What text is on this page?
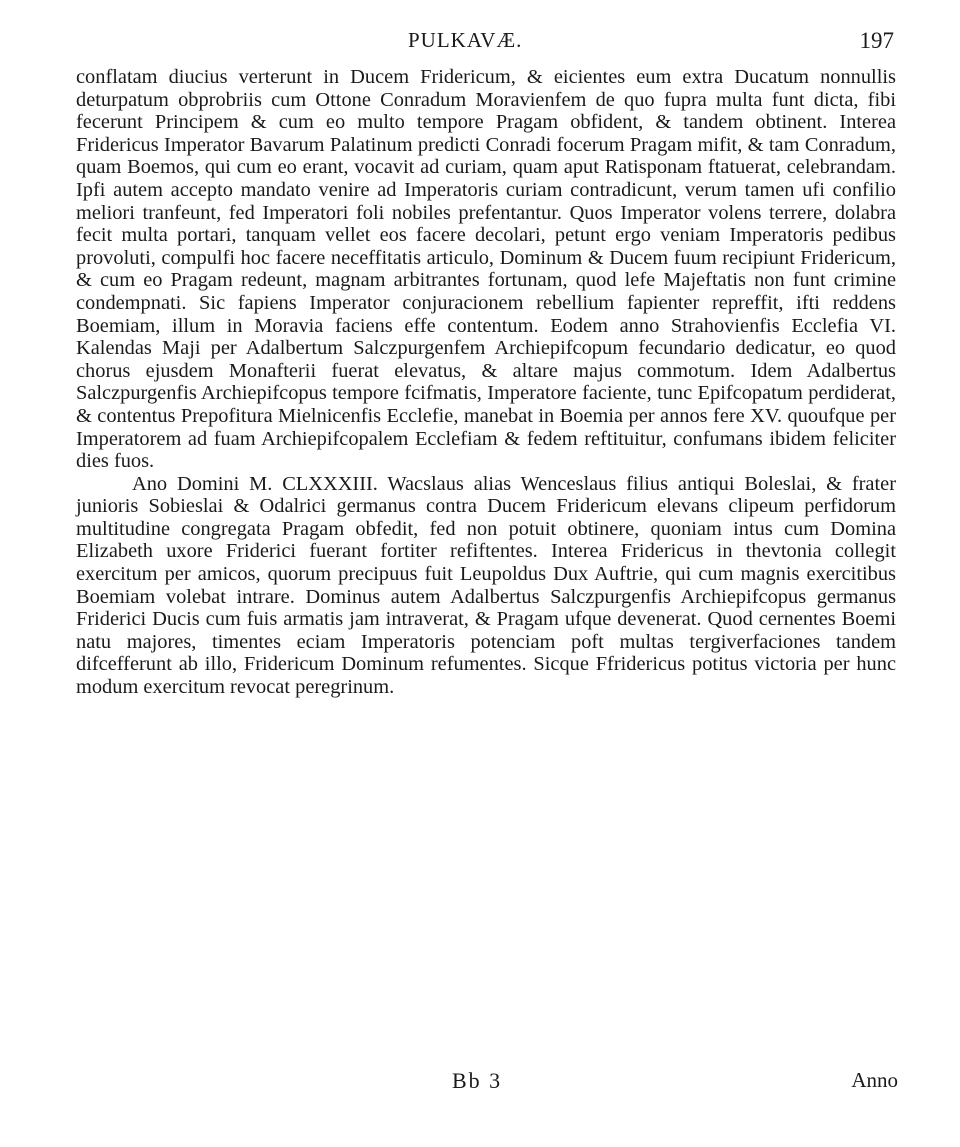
PULKAVÆ.	197

conflatam diucius verterunt in Ducem Fridericum, & eicientes eum extra Ducatum nonnullis deturpatum obprobriis cum Ottone Conradum Moravienfem de quo fupra multa funt dicta, fibi fecerunt Principem & cum eo multo tempore Pragam obfident, & tandem obtinent. Interea Fridericus Imperator Bavarum Palatinum predicti Conradi focerum Pragam mifit, & tam Conradum, quam Boemos, qui cum eo erant, vocavit ad curiam, quam aput Ratisponam ftatuerat, celebrandam. Ipfi autem accepto mandato venire ad Imperatoris curiam contradicunt, verum tamen ufi confilio meliori tranfeunt, fed Imperatori foli nobiles prefentantur. Quos Imperator volens terrere, dolabra fecit multa portari, tanquam vellet eos facere decolari, petunt ergo veniam Imperatoris pedibus provoluti, compulfi hoc facere neceffitatis articulo, Dominum & Ducem fuum recipiunt Fridericum, & cum eo Pragam redeunt, magnam arbitrantes fortunam, quod lefe Majeftatis non funt crimine condempnati. Sic fapiens Imperator conjuracionem rebellium fapienter repreffit, ifti reddens Boemiam, illum in Moravia faciens effe contentum. Eodem anno Strahovienfis Ecclefia VI. Kalendas Maji per Adalbertum Salczpurgenfem Archiepifcopum fecundario dedicatur, eo quod chorus ejusdem Monafterii fuerat elevatus, & altare majus commotum. Idem Adalbertus Salczpurgenfis Archiepifcopus tempore fcifmatis, Imperatore faciente, tunc Epifcopatum perdiderat, & contentus Prepofitura Mielnicenfis Ecclefie, manebat in Boemia per annos fere XV. quoufque per Imperatorem ad fuam Archiepifcopalem Ecclefiam & fedem reftituitur, confumans ibidem feliciter dies fuos.

Ano Domini M. CLXXXIII. Wacslaus alias Wenceslaus filius antiqui Boleslai, & frater junioris Sobieslai & Odalrici germanus contra Ducem Fridericum elevans clipeum perfidorum multitudine congregata Pragam obfedit, fed non potuit obtinere, quoniam intus cum Domina Elizabeth uxore Friderici fuerant fortiter refiftentes. Interea Fridericus in thevtonia collegit exercitum per amicos, quorum precipuus fuit Leupoldus Dux Auftrie, qui cum magnis exercitibus Boemiam volebat intrare. Dominus autem Adalbertus Salczpurgenfis Archiepifcopus germanus Friderici Ducis cum fuis armatis jam intraverat, & Pragam ufque devenerat. Quod cernentes Boemi natu majores, timentes eciam Imperatoris potenciam poft multas tergiverfaciones tandem difcefferunt ab illo, Fridericum Dominum refumentes. Sicque Ffridericus potitus victoria per hunc modum exercitum revocat peregrinum.

Bb 3	Anno
